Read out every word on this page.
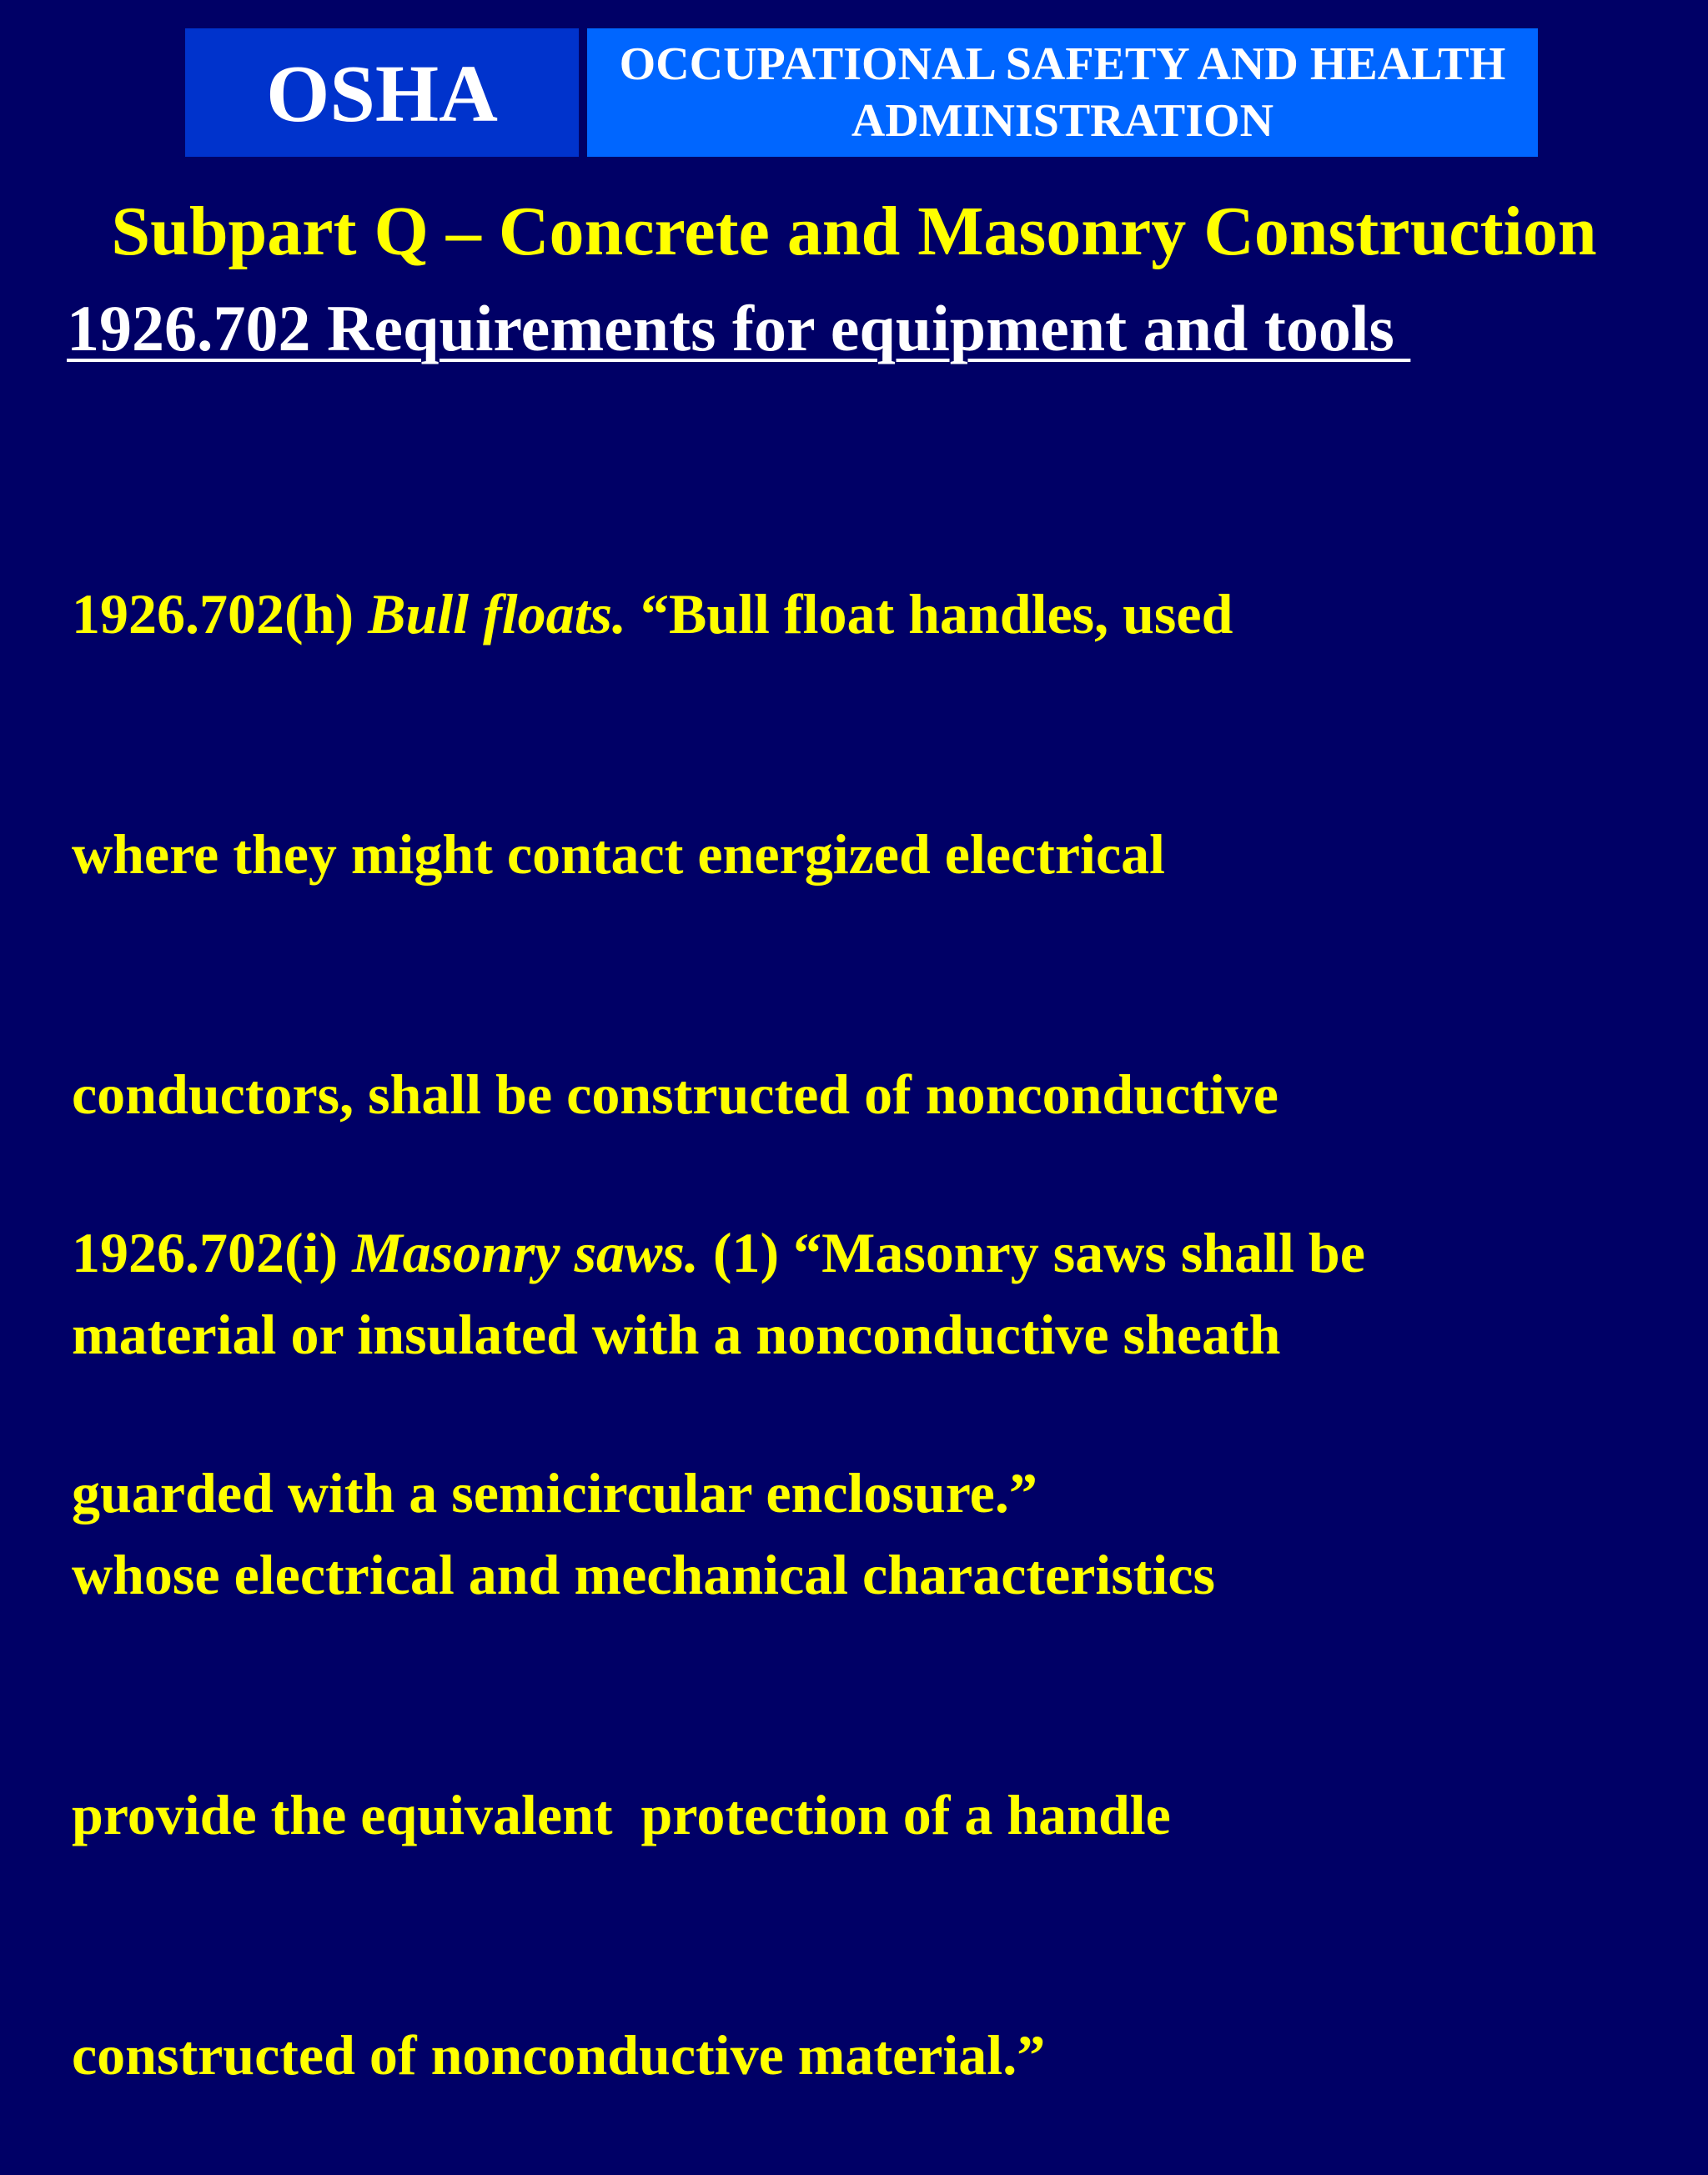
OSHA	OCCUPATIONAL SAFETY AND HEALTH
ADMINISTRATION
Subpart Q – Concrete and Masonry Construction
1926.702 Requirements for equipment and tools

1926.702(h) Bull floats. “Bull float handles, used

where they might contact energized electrical

conductors, shall be constructed of nonconductive

material or insulated with a nonconductive sheath

whose electrical and mechanical characteristics

provide the equivalent  protection of a handle

constructed of nonconductive material.”

1926.702(i) Masonry saws. (1) “Masonry saws shall be

guarded with a semicircular enclosure.”
